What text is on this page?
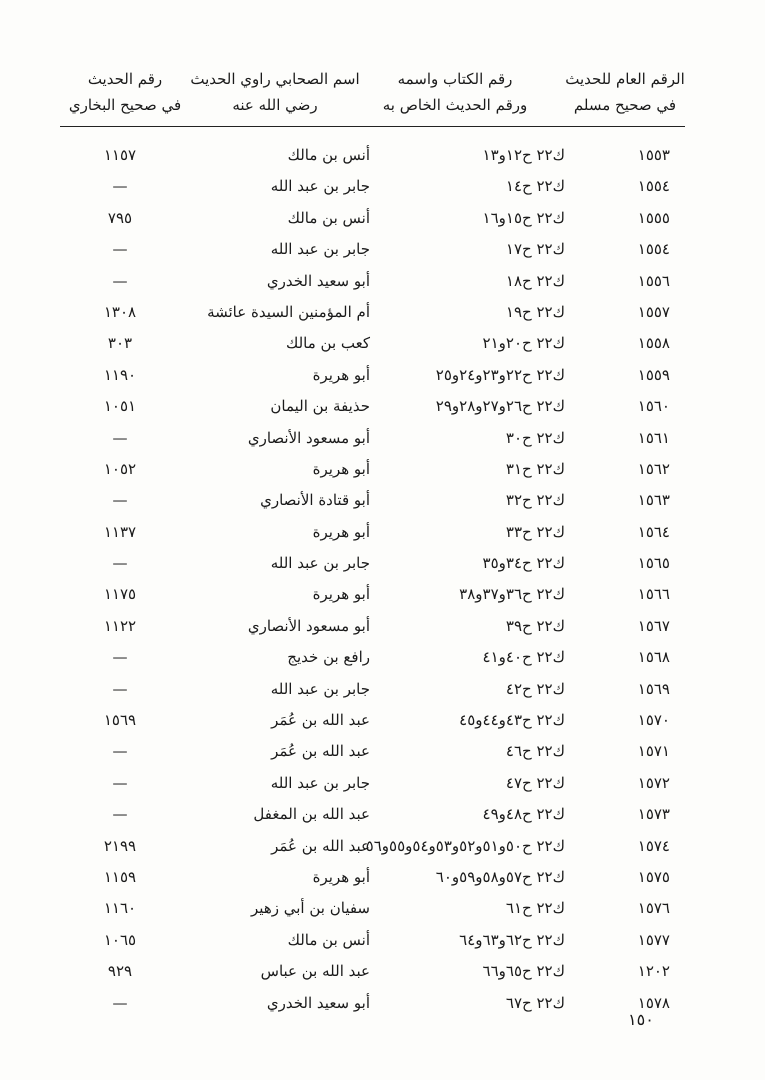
الرقم العام للحديث
في صحيح مسلم
رقم الكتاب واسمه
ورقم الحديث الخاص به
اسم الصحابي راوي الحديث
رضي الله عنه
رقم الحديث
في صحيح البخاري
١٥٥٣
ك٢٢ ح١٢و١٣
أنس بن مالك
١١٥٧
١٥٥٤
ك٢٢ ح١٤
جابر بن عبد الله
—
١٥٥٥
ك٢٢ ح١٥و١٦
أنس بن مالك
٧٩٥
١٥٥٤
ك٢٢ ح١٧
جابر بن عبد الله
—
١٥٥٦
ك٢٢ ح١٨
أبو سعيد الخدري
—
١٥٥٧
ك٢٢ ح١٩
أم المؤمنين السيدة عائشة
١٣٠٨
١٥٥٨
ك٢٢ ح٢٠و٢١
كعب بن مالك
٣٠٣
١٥٥٩
ك٢٢ ح٢٢و٢٣و٢٤و٢٥
أبو هريرة
١١٩٠
١٥٦٠
ك٢٢ ح٢٦و٢٧و٢٨و٢٩
حذيفة بن اليمان
١٠٥١
١٥٦١
ك٢٢ ح٣٠
أبو مسعود الأنصاري
—
١٥٦٢
ك٢٢ ح٣١
أبو هريرة
١٠٥٢
١٥٦٣
ك٢٢ ح٣٢
أبو قتادة الأنصاري
—
١٥٦٤
ك٢٢ ح٣٣
أبو هريرة
١١٣٧
١٥٦٥
ك٢٢ ح٣٤و٣٥
جابر بن عبد الله
—
١٥٦٦
ك٢٢ ح٣٦و٣٧و٣٨
أبو هريرة
١١٧٥
١٥٦٧
ك٢٢ ح٣٩
أبو مسعود الأنصاري
١١٢٢
١٥٦٨
ك٢٢ ح٤٠و٤١
رافع بن خديج
—
١٥٦٩
ك٢٢ ح٤٢
جابر بن عبد الله
—
١٥٧٠
ك٢٢ ح٤٣و٤٤و٤٥
عبد الله بن عُمَر
١٥٦٩
١٥٧١
ك٢٢ ح٤٦
عبد الله بن عُمَر
—
١٥٧٢
ك٢٢ ح٤٧
جابر بن عبد الله
—
١٥٧٣
ك٢٢ ح٤٨و٤٩
عبد الله بن المغفل
—
١٥٧٤
ك٢٢ ح٥٠و٥١و٥٢و٥٣و٥٤و٥٥و٥٦
عبد الله بن عُمَر
٢١٩٩
١٥٧٥
ك٢٢ ح٥٧و٥٨و٥٩و٦٠
أبو هريرة
١١٥٩
١٥٧٦
ك٢٢ ح٦١
سفيان بن أبي زهير
١١٦٠
١٥٧٧
ك٢٢ ح٦٢و٦٣و٦٤
أنس بن مالك
١٠٦٥
١٢٠٢
ك٢٢ ح٦٥و٦٦
عبد الله بن عباس
٩٢٩
١٥٧٨
ك٢٢ ح٦٧
أبو سعيد الخدري
—
١٥٠
